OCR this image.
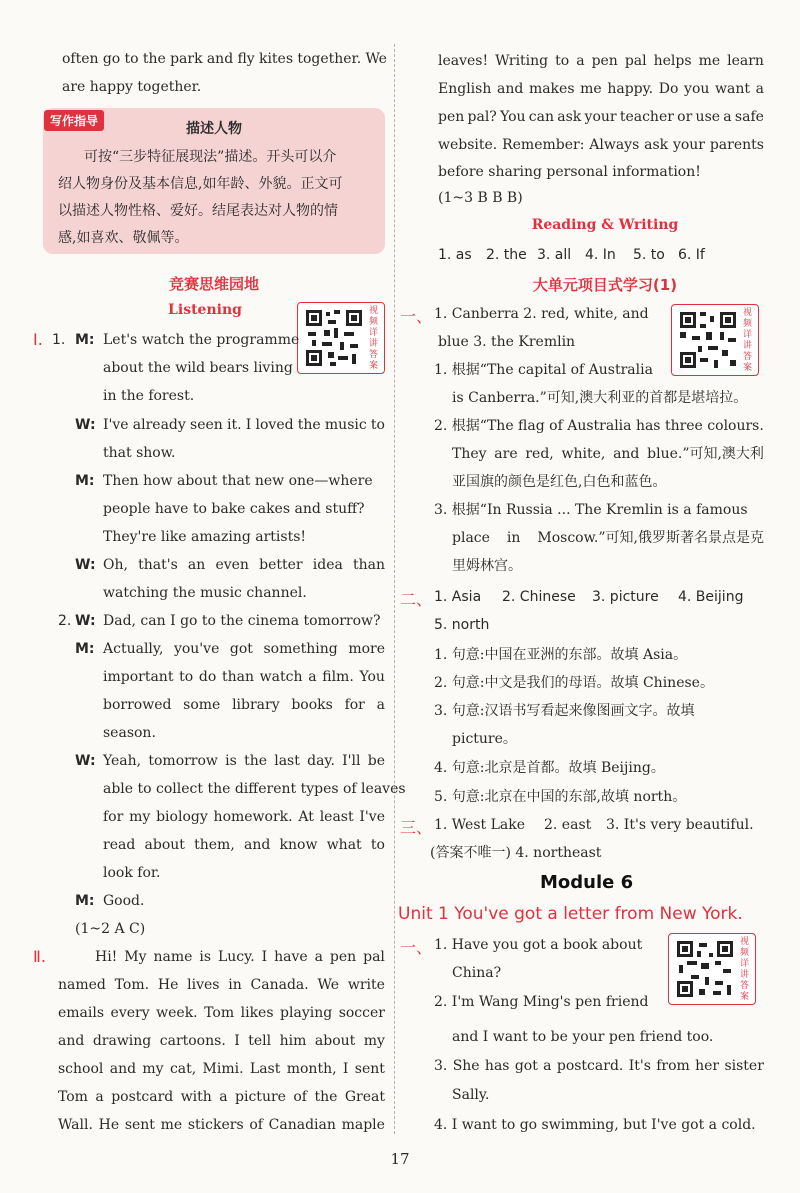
often go to the park and fly kites together. We
are happy together.
写作指导	描述人物
可按“三步特征展现法”描述。开头可以介
绍人物身份及基本信息,如年龄、外貌。正文可
以描述人物性格、爱好。结尾表达对人物的情
感,如喜欢、敬佩等。
竞赛思维园地
Listening	视频详讲答案
Ⅰ. 1. M: Let's watch the programme
about the wild bears living
in the forest.
W: I've already seen it. I loved the music to
that show.
M: Then how about that new one—where
people have to bake cakes and stuff?
They're like amazing artists!
W: Oh, that's an even better idea than
watching the music channel.
2. W: Dad, can I go to the cinema tomorrow?
M: Actually, you've got something more
important to do than watch a film. You
borrowed some library books for a
season.
W: Yeah, tomorrow is the last day. I'll be
able to collect the different types of leaves
for my biology homework. At least I've
read about them, and know what to
look for.
M: Good.
(1~2 A C)
Ⅱ.	Hi! My name is Lucy. I have a pen pal
named Tom. He lives in Canada. We write
emails every week. Tom likes playing soccer
and drawing cartoons. I tell him about my
school and my cat, Mimi. Last month, I sent
Tom a postcard with a picture of the Great
Wall. He sent me stickers of Canadian maple
leaves! Writing to a pen pal helps me learn
English and makes me happy. Do you want a
pen pal? You can ask your teacher or use a safe
website. Remember: Always ask your parents
before sharing personal information!
(1~3 B B B)
Reading & Writing
1. as 2. the 3. all 4. In 5. to 6. If
大单元项目式学习(1)
一、 1. Canberra 2. red, white, and
blue 3. the Kremlin
视频详讲答案
1. 根据“The capital of Australia
is Canberra.”可知,澳大利亚的首都是堪培拉。
2. 根据“The flag of Australia has three colours.
They are red, white, and blue.”可知,澳大利
亚国旗的颜色是红色,白色和蓝色。
3. 根据“In Russia ... The Kremlin is a famous
place in Moscow.”可知,俄罗斯著名景点是克
里姆林宫。
二、 1. Asia 2. Chinese 3. picture 4. Beijing
5. north
1. 句意:中国在亚洲的东部。故填 Asia。
2. 句意:中文是我们的母语。故填 Chinese。
3. 句意:汉语书写看起来像图画文字。故填
picture。
4. 句意:北京是首都。故填 Beijing。
5. 句意:北京在中国的东部,故填 north。
三、 1. West Lake 2. east 3. It's very beautiful.
(答案不唯一) 4. northeast
Module 6
Unit 1 You've got a letter from New York.
一、 1. Have you got a book about
China?
2. I'm Wang Ming's pen friend
and I want to be your pen friend too.
3. She has got a postcard. It's from her sister
Sally.
4. I want to go swimming, but I've got a cold.
视频详讲答案
17
